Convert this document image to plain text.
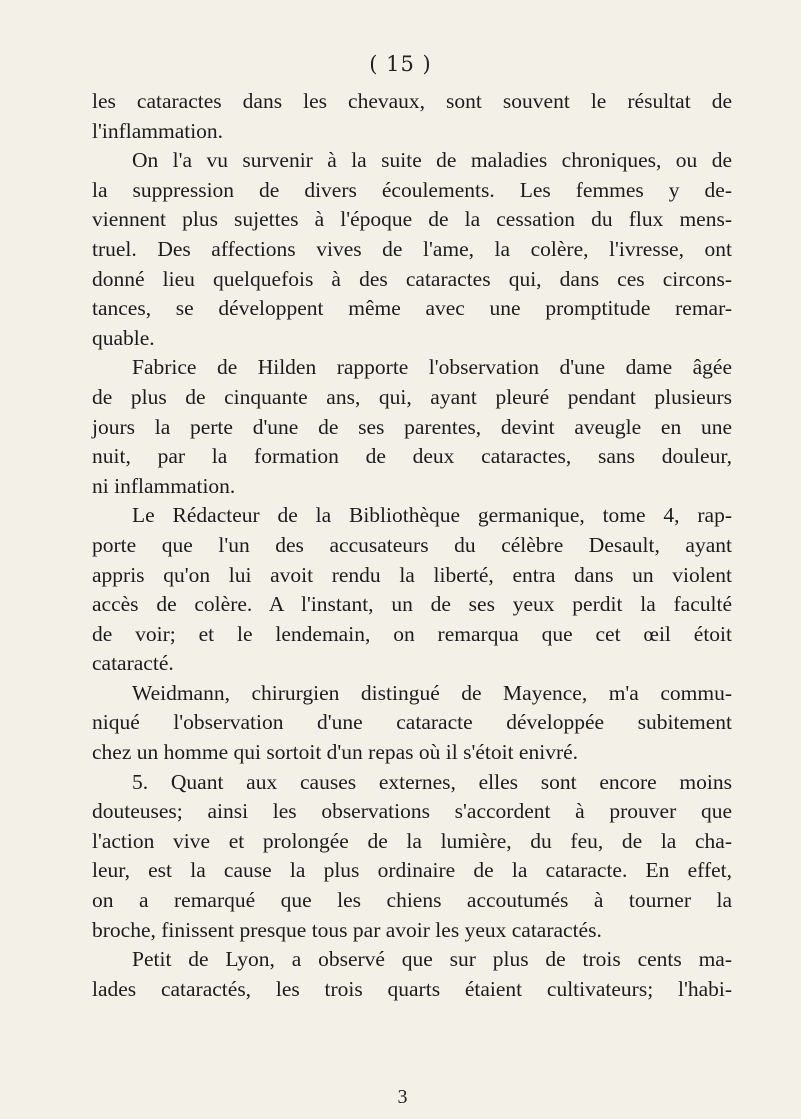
( 15 )

les cataractes dans les chevaux, sont souvent le résultat de

l'inflammation.

On l'a vu survenir à la suite de maladies chroniques, ou de

la suppression de divers écoulements. Les femmes y de-

viennent plus sujettes à l'époque de la cessation du flux mens-

truel. Des affections vives de l'ame, la colère, l'ivresse, ont

donné lieu quelquefois à des cataractes qui, dans ces circons-

tances, se développent même avec une promptitude remar-

quable.

Fabrice de Hilden rapporte l'observation d'une dame âgée

de plus de cinquante ans, qui, ayant pleuré pendant plusieurs

jours la perte d'une de ses parentes, devint aveugle en une

nuit, par la formation de deux cataractes, sans douleur,

ni inflammation.

Le Rédacteur de la Bibliothèque germanique, tome 4, rap-

porte que l'un des accusateurs du célèbre Desault, ayant

appris qu'on lui avoit rendu la liberté, entra dans un violent

accès de colère. A l'instant, un de ses yeux perdit la faculté

de voir; et le lendemain, on remarqua que cet œil étoit

cataracté.

Weidmann, chirurgien distingué de Mayence, m'a commu-

niqué l'observation d'une cataracte développée subitement

chez un homme qui sortoit d'un repas où il s'étoit enivré.

5. Quant aux causes externes, elles sont encore moins

douteuses; ainsi les observations s'accordent à prouver que

l'action vive et prolongée de la lumière, du feu, de la cha-

leur, est la cause la plus ordinaire de la cataracte. En effet,

on a remarqué que les chiens accoutumés à tourner la

broche, finissent presque tous par avoir les yeux cataractés.

Petit de Lyon, a observé que sur plus de trois cents ma-

lades cataractés, les trois quarts étaient cultivateurs; l'habi-

3
